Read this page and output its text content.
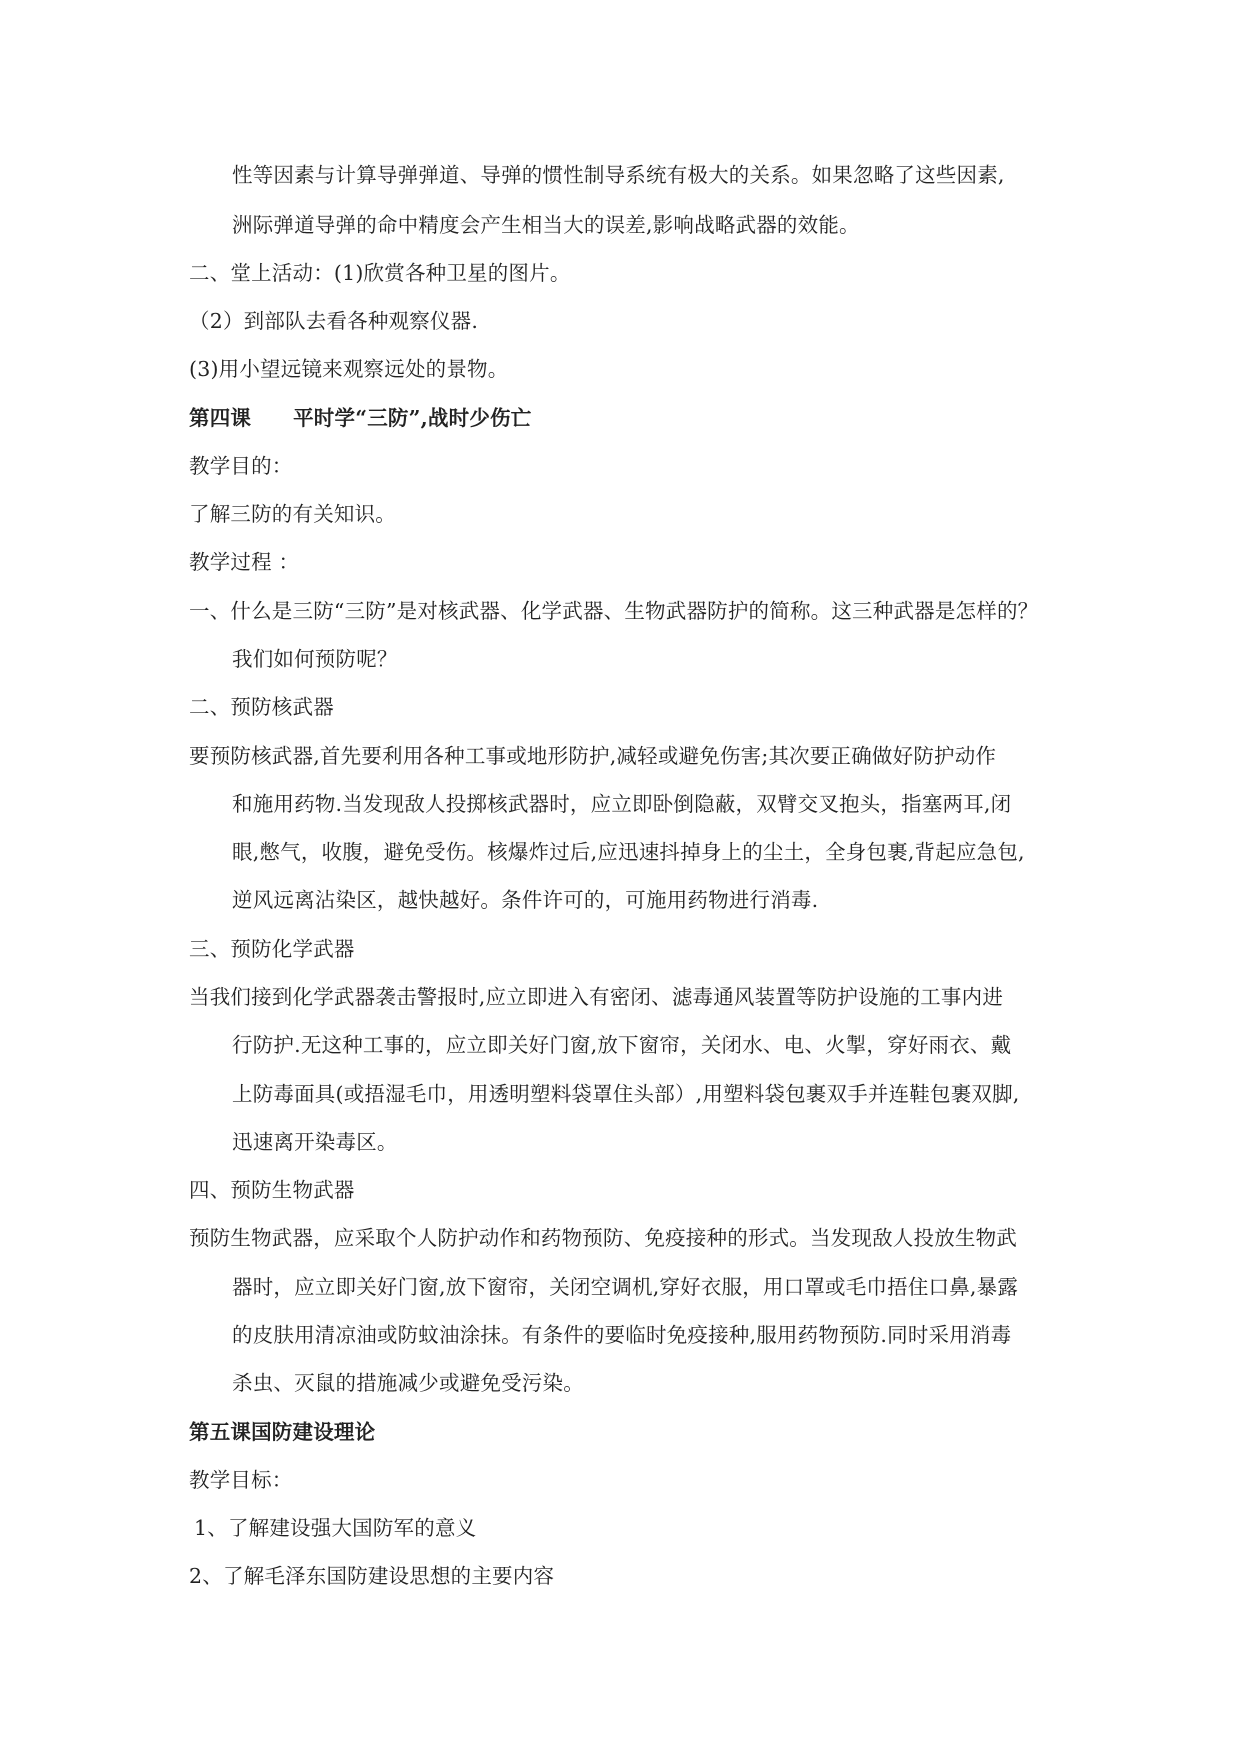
性等因素与计算导弹弹道、导弹的惯性制导系统有极大的关系。如果忽略了这些因素,
洲际弹道导弹的命中精度会产生相当大的误差,影响战略武器的效能。
二、堂上活动：(1)欣赏各种卫星的图片。
（2）到部队去看各种观察仪器.
(3)用小望远镜来观察远处的景物。
第四课 平时学“三防”,战时少伤亡
教学目的：
了解三防的有关知识。
教学过程 ：
一、什么是三防“三防”是对核武器、化学武器、生物武器防护的简称。这三种武器是怎样的？
我们如何预防呢？
二、预防核武器
要预防核武器,首先要利用各种工事或地形防护,减轻或避免伤害;其次要正确做好防护动作
和施用药物.当发现敌人投掷核武器时，应立即卧倒隐蔽，双臂交叉抱头，指塞两耳,闭
眼,憋气，收腹，避免受伤。核爆炸过后,应迅速抖掉身上的尘土，全身包裹,背起应急包,
逆风远离沾染区，越快越好。条件许可的，可施用药物进行消毒.
三、预防化学武器
当我们接到化学武器袭击警报时,应立即进入有密闭、滤毒通风装置等防护设施的工事内进
行防护.无这种工事的，应立即关好门窗,放下窗帘，关闭水、电、火掣，穿好雨衣、戴
上防毒面具(或捂湿毛巾，用透明塑料袋罩住头部）,用塑料袋包裹双手并连鞋包裹双脚,
迅速离开染毒区。
四、预防生物武器
预防生物武器，应采取个人防护动作和药物预防、免疫接种的形式。当发现敌人投放生物武
器时，应立即关好门窗,放下窗帘，关闭空调机,穿好衣服，用口罩或毛巾捂住口鼻,暴露
的皮肤用清凉油或防蚊油涂抹。有条件的要临时免疫接种,服用药物预防.同时采用消毒
杀虫、灭鼠的措施减少或避免受污染。
第五课国防建设理论
教学目标：
1、了解建设强大国防军的意义
2、了解毛泽东国防建设思想的主要内容
